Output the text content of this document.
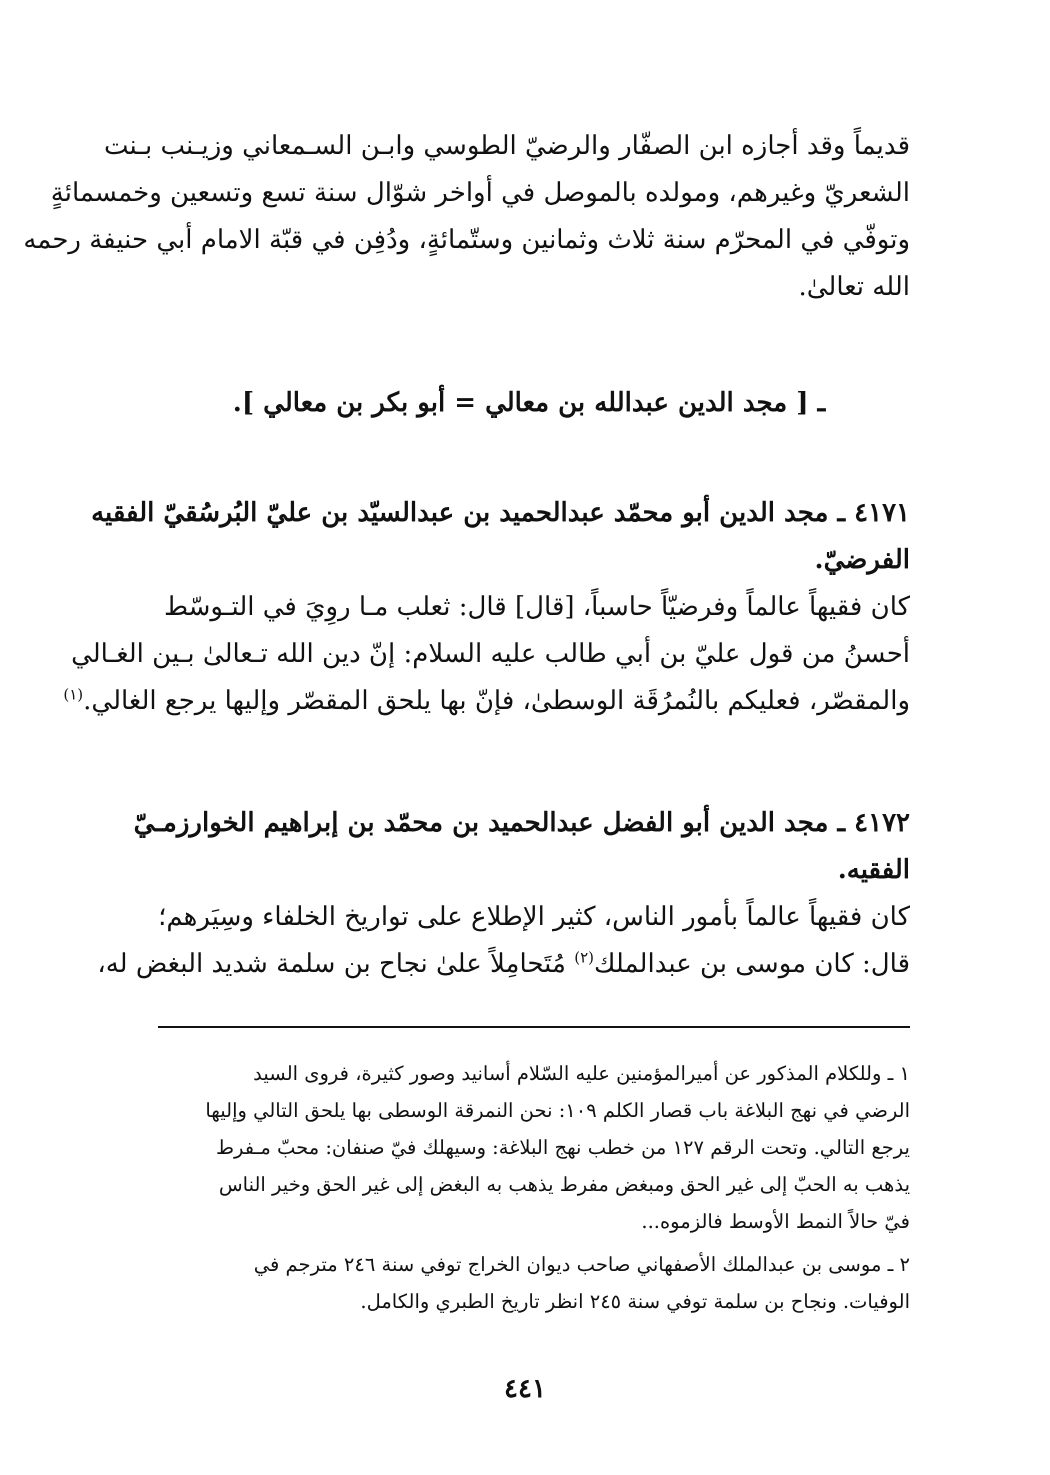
قديماً وقد أجازه ابن الصفّار والرضيّ الطوسي وابـن السـمعاني وزيـنب بـنت
الشعريّ وغيرهم، ومولده بالموصل في أواخر شوّال سنة تسع وتسعين وخمسمائةٍ
وتوفّي في المحرّم سنة ثلاث وثمانين وستّمائةٍ، ودُفِن في قبّة الامام أبي حنيفة رحمه
الله تعالىٰ.
ـ [ مجد الدين عبدالله بن معالي = أبو بكر بن معالي ].
٤١٧١ ـ مجد الدين أبو محمّد عبدالحميد بن عبدالسيّد بن عليّ البُرسُقيّ الفقيه
الفرضيّ.
كان فقيهاً عالماً وفرضيّاً حاسباً، [قال] قال: ثعلب مـا روِيَ في التـوسّط
أحسنُ من قول عليّ بن أبي طالب عليه السلام: إنّ دين الله تـعالىٰ بـين الغـالي
والمقصّر، فعليكم بالنُمرُقَة الوسطىٰ، فإنّ بها يلحق المقصّر وإليها يرجع الغالي.$^{(١)}$
٤١٧٢ ـ مجد الدين أبو الفضل عبدالحميد بن محمّد بن إبراهيم الخوارزمـيّ
الفقيه.
كان فقيهاً عالماً بأمور الناس، كثير الإطلاع على تواريخ الخلفاء وسِيَرهم؛
قال: كان موسى بن عبدالملك$^{(٢)}$ مُتَحامِلاً علىٰ نجاح بن سلمة شديد البغض له،
١ ـ وللكلام المذكور عن أميرالمؤمنين عليه السّلام أسانيد وصور كثيرة، فروى السيد
الرضي في نهج البلاغة باب قصار الكلم ١٠٩: نحن النمرقة الوسطى بها يلحق التالي وإليها
يرجع التالي. وتحت الرقم ١٢٧ من خطب نهج البلاغة: وسيهلك فيّ صنفان: محبّ مـفرط
يذهب به الحبّ إلى غير الحق ومبغض مفرط يذهب به البغض إلى غير الحق وخير الناس
فيّ حالاً النمط الأوسط فالزموه...
٢ ـ موسى بن عبدالملك الأصفهاني صاحب ديوان الخراج توفي سنة ٢٤٦ مترجم في
الوفيات. ونجاح بن سلمة توفي سنة ٢٤٥ انظر تاريخ الطبري والكامل.
٤٤١
